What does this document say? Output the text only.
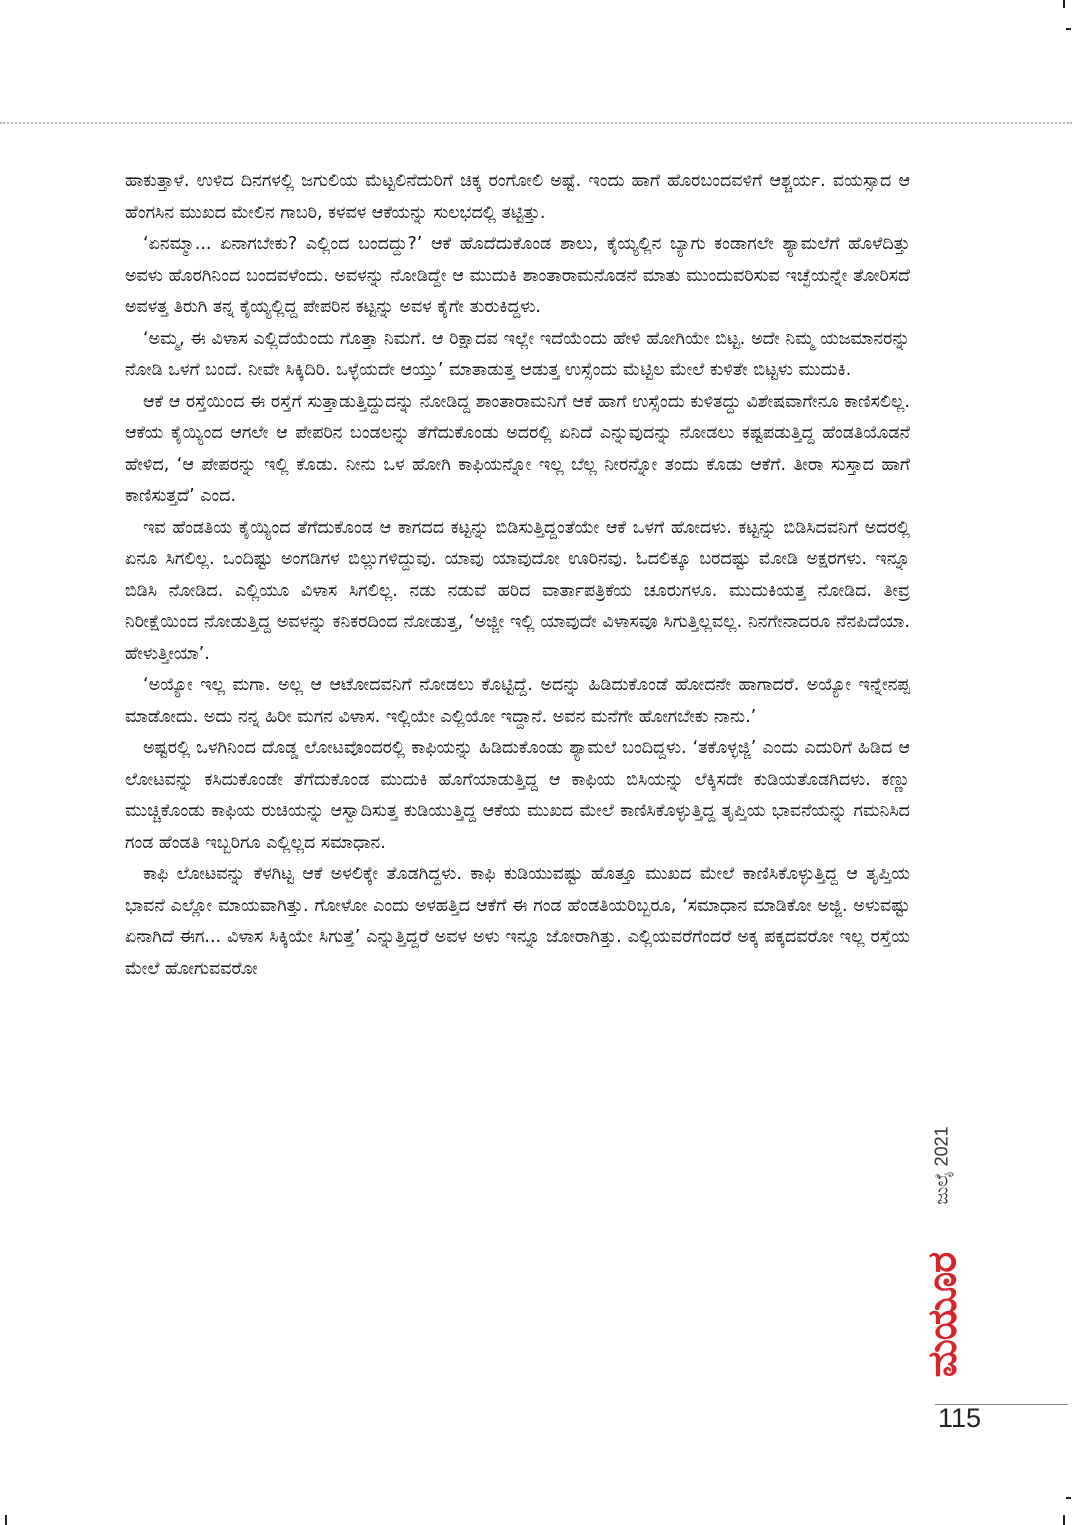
ಹಾಕುತ್ತಾಳೆ. ಉಳಿದ ದಿನಗಳಲ್ಲಿ ಜಗುಲಿಯ ಮೆಟ್ಟಲಿನೆದುರಿಗೆ ಚಿಕ್ಕ ರಂಗೋಲಿ ಅಷ್ಟೆ. ಇಂದು ಹಾಗೆ ಹೊರಬಂದವಳಿಗೆ ಆಶ್ಚರ್ಯ. ವಯಸ್ಸಾದ ಆ ಹೆಂಗಸಿನ ಮುಖದ ಮೇಲಿನ ಗಾಬರಿ, ಕಳವಳ ಆಕೆಯನ್ನು ಸುಲಭದಲ್ಲಿ ತಟ್ಟಿತ್ತು.

‘ಏನಮ್ಮಾ... ಏನಾಗಬೇಕು? ಎಲ್ಲಿಂದ ಬಂದದ್ದು?’ ಆಕೆ ಹೊದೆದುಕೊಂಡ ಶಾಲು, ಕೈಯ್ಯಲ್ಲಿನ ಬ್ಯಾಗು ಕಂಡಾಗಲೇ ಶ್ಯಾಮಲೆಗೆ ಹೊಳೆದಿತ್ತು ಅವಳು ಹೊರಗಿನಿಂದ ಬಂದವಳೆಂದು. ಅವಳನ್ನು ನೋಡಿದ್ದೇ ಆ ಮುದುಕಿ ಶಾಂತಾರಾಮನೊಡನೆ ಮಾತು ಮುಂದುವರಿಸುವ ಇಚ್ಛೆಯನ್ನೇ ತೋರಿಸದೆ ಅವಳತ್ತ ತಿರುಗಿ ತನ್ನ ಕೈಯ್ಯಲ್ಲಿದ್ದ ಪೇಪರಿನ ಕಟ್ಟನ್ನು ಅವಳ ಕೈಗೇ ತುರುಕಿದ್ದಳು.

‘ಅಮ್ಮ, ಈ ವಿಳಾಸ ಎಲ್ಲಿದೆಯೆಂದು ಗೊತ್ತಾ ನಿಮಗೆ. ಆ ರಿಕ್ಷಾದವ ಇಲ್ಲೇ ಇದೆಯೆಂದು ಹೇಳಿ ಹೋಗಿಯೇ ಬಿಟ್ಟ. ಅದೇ ನಿಮ್ಮ ಯಜಮಾನರನ್ನು ನೋಡಿ ಒಳಗೆ ಬಂದೆ. ನೀವೇ ಸಿಕ್ಕಿದಿರಿ. ಒಳ್ಳೆಯದೇ ಆಯ್ತು’ ಮಾತಾಡುತ್ತ ಆಡುತ್ತ ಉಸ್ಸೆಂದು ಮೆಟ್ಟಿಲ ಮೇಲೆ ಕುಳಿತೇ ಬಿಟ್ಟಳು ಮುದುಕಿ.

ಆಕೆ ಆ ರಸ್ತೆಯಿಂದ ಈ ರಸ್ತೆಗೆ ಸುತ್ತಾಡುತ್ತಿದ್ದುದನ್ನು ನೋಡಿದ್ದ ಶಾಂತಾರಾಮನಿಗೆ ಆಕೆ ಹಾಗೆ ಉಸ್ಸೆಂದು ಕುಳಿತದ್ದು ವಿಶೇಷವಾಗೇನೂ ಕಾಣಿಸಲಿಲ್ಲ. ಆಕೆಯ ಕೈಯ್ಯಿಂದ ಆಗಲೇ ಆ ಪೇಪರಿನ ಬಂಡಲನ್ನು ತೆಗೆದುಕೊಂಡು ಅದರಲ್ಲಿ ಏನಿದೆ ಎನ್ನುವುದನ್ನು ನೋಡಲು ಕಷ್ಟಪಡುತ್ತಿದ್ದ ಹೆಂಡತಿಯೊಡನೆ ಹೇಳಿದ, ‘ಆ ಪೇಪರನ್ನು ಇಲ್ಲಿ ಕೊಡು. ನೀನು ಒಳ ಹೋಗಿ ಕಾಫಿಯನ್ನೋ ಇಲ್ಲ ಬೆಲ್ಲ ನೀರನ್ನೋ ತಂದು ಕೊಡು ಆಕೆಗೆ. ತೀರಾ ಸುಸ್ತಾದ ಹಾಗೆ ಕಾಣಿಸುತ್ತದೆ’ ಎಂದ.

ಇವ ಹೆಂಡತಿಯ ಕೈಯ್ಯಿಂದ ತೆಗೆದುಕೊಂಡ ಆ ಕಾಗದದ ಕಟ್ಟನ್ನು ಬಿಡಿಸುತ್ತಿದ್ದಂತೆಯೇ ಆಕೆ ಒಳಗೆ ಹೋದಳು. ಕಟ್ಟನ್ನು ಬಿಡಿಸಿದವನಿಗೆ ಅದರಲ್ಲಿ ಏನೂ ಸಿಗಲಿಲ್ಲ. ಒಂದಿಷ್ಟು ಅಂಗಡಿಗಳ ಬಿಲ್ಲುಗಳಿದ್ದುವು. ಯಾವು ಯಾವುದೋ ಊರಿನವು. ಓದಲಿಕ್ಕೂ ಬರದಷ್ಟು ಮೋಡಿ ಅಕ್ಷರಗಳು. ಇನ್ನೂ ಬಿಡಿಸಿ ನೋಡಿದ. ಎಲ್ಲಿಯೂ ವಿಳಾಸ ಸಿಗಲಿಲ್ಲ. ನಡು ನಡುವೆ ಹರಿದ ವಾರ್ತಾಪತ್ರಿಕೆಯ ಚೂರುಗಳೂ. ಮುದುಕಿಯತ್ತ ನೋಡಿದ. ತೀವ್ರ ನಿರೀಕ್ಷೆಯಿಂದ ನೋಡುತ್ತಿದ್ದ ಅವಳನ್ನು ಕನಿಕರದಿಂದ ನೋಡುತ್ತ, ‘ಅಜ್ಜೀ ಇಲ್ಲಿ ಯಾವುದೇ ವಿಳಾಸವೂ ಸಿಗುತ್ತಿಲ್ಲವಲ್ಲ. ನಿನಗೇನಾದರೂ ನೆನಪಿದೆಯಾ. ಹೇಳುತ್ತೀಯಾ’.

‘ಅಯ್ಯೋ ಇಲ್ಲ ಮಗಾ. ಅಲ್ಲ ಆ ಆಟೋದವನಿಗೆ ನೋಡಲು ಕೊಟ್ಟಿದ್ದೆ. ಅದನ್ನು ಹಿಡಿದುಕೊಂಡೆ ಹೋದನೇ ಹಾಗಾದರೆ. ಅಯ್ಯೋ ಇನ್ನೇನಪ್ಪ ಮಾಡೋದು. ಅದು ನನ್ನ ಹಿರೀ ಮಗನ ವಿಳಾಸ. ಇಲ್ಲಿಯೇ ಎಲ್ಲಿಯೋ ಇದ್ದಾನೆ. ಅವನ ಮನೆಗೇ ಹೋಗಬೇಕು ನಾನು.’

ಅಷ್ಟರಲ್ಲಿ ಒಳಗಿನಿಂದ ದೊಡ್ಡ ಲೋಟವೊಂದರಲ್ಲಿ ಕಾಫಿಯನ್ನು ಹಿಡಿದುಕೊಂಡು ಶ್ಯಾಮಲೆ ಬಂದಿದ್ದಳು. ‘ತಕೊಳ್ಳಜ್ಜಿ’ ಎಂದು ಎದುರಿಗೆ ಹಿಡಿದ ಆ ಲೋಟವನ್ನು ಕಸಿದುಕೊಂಡೇ ತೆಗೆದುಕೊಂಡ ಮುದುಕಿ ಹೊಗೆಯಾಡುತ್ತಿದ್ದ ಆ ಕಾಫಿಯ ಬಿಸಿಯನ್ನು ಲೆಕ್ಕಿಸದೇ ಕುಡಿಯತೊಡಗಿದಳು. ಕಣ್ಣು ಮುಚ್ಚಿಕೊಂಡು ಕಾಫಿಯ ರುಚಿಯನ್ನು ಆಸ್ವಾದಿಸುತ್ತ ಕುಡಿಯುತ್ತಿದ್ದ ಆಕೆಯ ಮುಖದ ಮೇಲೆ ಕಾಣಿಸಿಕೊಳ್ಳುತ್ತಿದ್ದ ತೃಪ್ತಿಯ ಭಾವನೆಯನ್ನು ಗಮನಿಸಿದ ಗಂಡ ಹೆಂಡತಿ ಇಬ್ಬರಿಗೂ ಎಲ್ಲಿಲ್ಲದ ಸಮಾಧಾನ.

ಕಾಫಿ ಲೋಟವನ್ನು ಕೆಳಗಿಟ್ಟ ಆಕೆ ಅಳಲಿಕ್ಕೇ ತೊಡಗಿದ್ದಳು. ಕಾಫಿ ಕುಡಿಯುವಷ್ಟು ಹೊತ್ತೂ ಮುಖದ ಮೇಲೆ ಕಾಣಿಸಿಕೊಳ್ಳುತ್ತಿದ್ದ ಆ ತೃಪ್ತಿಯ ಭಾವನೆ ಎಲ್ಲೋ ಮಾಯವಾಗಿತ್ತು. ಗೋಳೋ ಎಂದು ಅಳಹತ್ತಿದ ಆಕೆಗೆ ಈ ಗಂಡ ಹೆಂಡತಿಯರಿಬ್ಬರೂ, ‘ಸಮಾಧಾನ ಮಾಡಿಕೋ ಅಜ್ಜಿ. ಅಳುವಷ್ಟು ಏನಾಗಿದೆ ಈಗ... ವಿಳಾಸ ಸಿಕ್ಕಿಯೇ ಸಿಗುತ್ತೆ’ ಎನ್ನುತ್ತಿದ್ದರೆ ಅವಳ ಅಳು ಇನ್ನೂ ಜೋರಾಗಿತ್ತು. ಎಲ್ಲಿಯವರೆಗೆಂದರೆ ಅಕ್ಕ ಪಕ್ಕದವರೋ ಇಲ್ಲ ರಸ್ತೆಯ ಮೇಲೆ ಹೋಗುವವರೋ

ಜುಲೈ 2021
ಮಯೂರ
115
